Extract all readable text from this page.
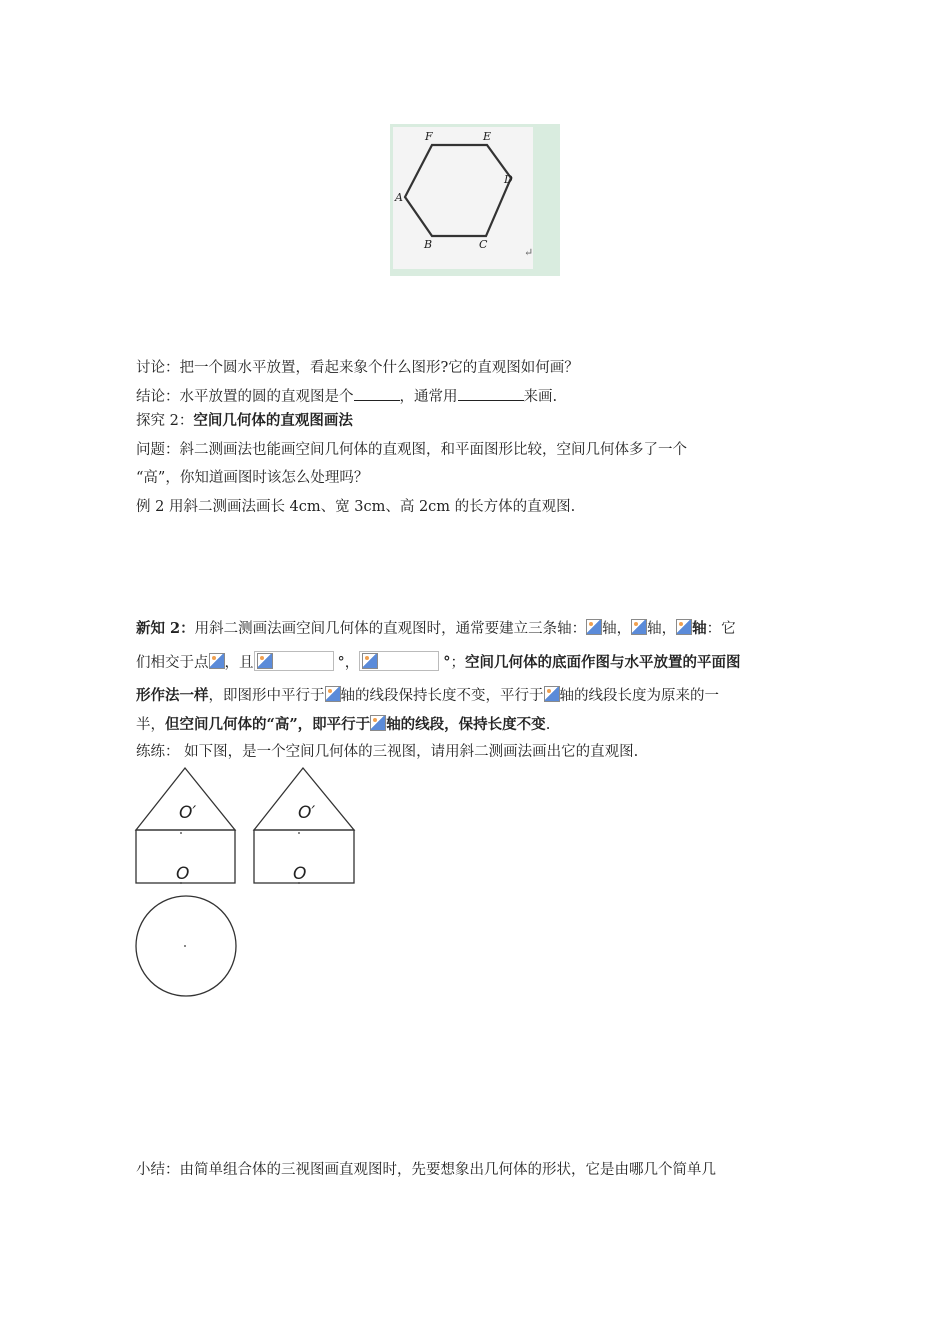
F	E
D
A
B	C
↵
讨论：把一个圆水平放置，看起来象个什么图形?它的直观图如何画？
结论：水平放置的圆的直观图是个	，通常用	来画.
探究 2：空间几何体的直观图画法
问题：斜二测画法也能画空间几何体的直观图，和平面图形比较，空间几何体多了一个
“高”，你知道画图时该怎么处理吗？
例 2 用斜二测画法画长 4cm、宽 3cm、高 2cm 的长方体的直观图.
新知 2：用斜二测画法画空间几何体的直观图时，通常要建立三条轴： 轴， 轴， 轴：它
们相交于点 ，且	°，	°；空间几何体的底面作图与水平放置的平面图
形作法一样，即图形中平行于 轴的线段保持长度不变，平行于 轴的线段长度为原来的一
半，但空间几何体的“高”，即平行于 轴的线段，保持长度不变.
练练： 如下图，是一个空间几何体的三视图，请用斜二测画法画出它的直观图.
O′	O′
O	O
小结：由简单组合体的三视图画直观图时，先要想象出几何体的形状，它是由哪几个简单几
